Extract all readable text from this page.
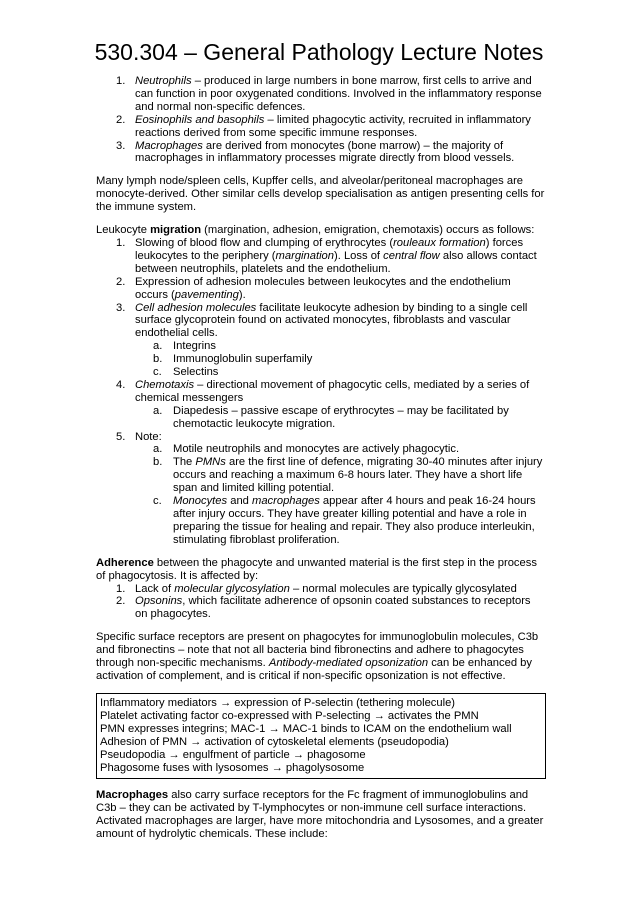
530.304 – General Pathology Lecture Notes
1. Neutrophils – produced in large numbers in bone marrow, first cells to arrive and can function in poor oxygenated conditions. Involved in the inflammatory response and normal non-specific defences.
2. Eosinophils and basophils – limited phagocytic activity, recruited in inflammatory reactions derived from some specific immune responses.
3. Macrophages are derived from monocytes (bone marrow) – the majority of macrophages in inflammatory processes migrate directly from blood vessels.

Many lymph node/spleen cells, Kupffer cells, and alveolar/peritoneal macrophages are monocyte-derived. Other similar cells develop specialisation as antigen presenting cells for the immune system.

Leukocyte migration (margination, adhesion, emigration, chemotaxis) occurs as follows:
1. Slowing of blood flow and clumping of erythrocytes (rouleaux formation) forces leukocytes to the periphery (margination). Loss of central flow also allows contact between neutrophils, platelets and the endothelium.
2. Expression of adhesion molecules between leukocytes and the endothelium occurs (pavementing).
3. Cell adhesion molecules facilitate leukocyte adhesion by binding to a single cell surface glycoprotein found on activated monocytes, fibroblasts and vascular endothelial cells.
a. Integrins
b. Immunoglobulin superfamily
c. Selectins
4. Chemotaxis – directional movement of phagocytic cells, mediated by a series of chemical messengers
a. Diapedesis – passive escape of erythrocytes – may be facilitated by chemotactic leukocyte migration.
5. Note:
a. Motile neutrophils and monocytes are actively phagocytic.
b. The PMNs are the first line of defence, migrating 30-40 minutes after injury occurs and reaching a maximum 6-8 hours later. They have a short life span and limited killing potential.
c. Monocytes and macrophages appear after 4 hours and peak 16-24 hours after injury occurs. They have greater killing potential and have a role in preparing the tissue for healing and repair. They also produce interleukin, stimulating fibroblast proliferation.
Adherence between the phagocyte and unwanted material is the first step in the process of phagocytosis. It is affected by:
1. Lack of molecular glycosylation – normal molecules are typically glycosylated
2. Opsonins, which facilitate adherence of opsonin coated substances to receptors on phagocytes.

Specific surface receptors are present on phagocytes for immunoglobulin molecules, C3b and fibronectins – note that not all bacteria bind fibronectins and adhere to phagocytes through non-specific mechanisms. Antibody-mediated opsonization can be enhanced by activation of complement, and is critical if non-specific opsonization is not effective.

Inflammatory mediators → expression of P-selectin (tethering molecule)
Platelet activating factor co-expressed with P-selecting → activates the PMN
PMN expresses integrins; MAC-1 → MAC-1 binds to ICAM on the endothelium wall
Adhesion of PMN → activation of cytoskeletal elements (pseudopodia)
Pseudopodia → engulfment of particle → phagosome
Phagosome fuses with lysosomes → phagolysosome

Macrophages also carry surface receptors for the Fc fragment of immunoglobulins and C3b – they can be activated by T-lymphocytes or non-immune cell surface interactions. Activated macrophages are larger, have more mitochondria and Lysosomes, and a greater amount of hydrolytic chemicals. These include:
